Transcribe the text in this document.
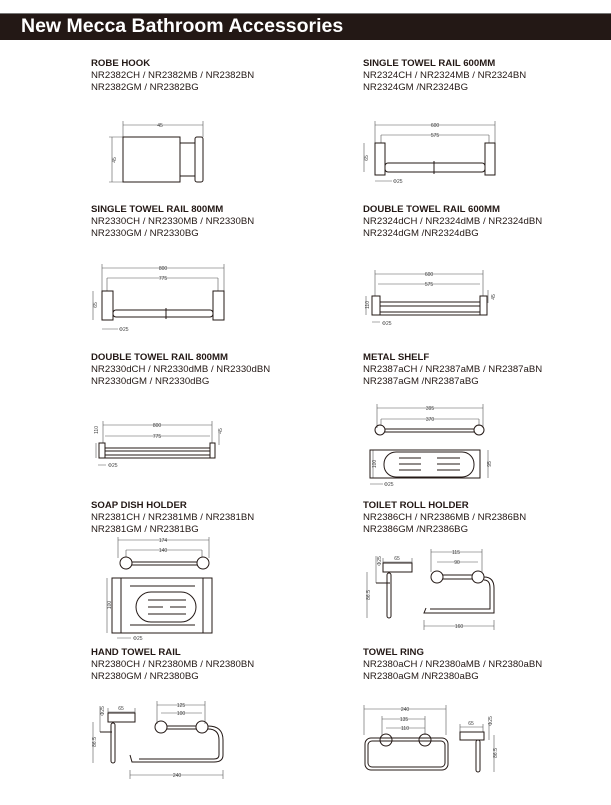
New Mecca Bathroom Accessories
ROBE HOOK
NR2382CH / NR2382MB / NR2382BN
NR2382GM / NR2382BG
SINGLE TOWEL RAIL 600MM
NR2324CH / NR2324MB / NR2324BN
NR2324GM /NR2324BG
SINGLE TOWEL RAIL 800MM
NR2330CH / NR2330MB / NR2330BN
NR2330GM / NR2330BG
DOUBLE TOWEL RAIL 600MM
NR2324dCH / NR2324dMB / NR2324dBN
NR2324dGM /NR2324dBG
DOUBLE TOWEL RAIL 800MM
NR2330dCH / NR2330dMB / NR2330dBN
NR2330dGM / NR2330dBG
METAL SHELF
NR2387aCH / NR2387aMB / NR2387aBN
NR2387aGM /NR2387aBG
SOAP DISH HOLDER
NR2381CH / NR2381MB / NR2381BN
NR2381GM / NR2381BG
TOILET ROLL HOLDER
NR2386CH / NR2386MB / NR2386BN
NR2386GM /NR2386BG
HAND TOWEL RAIL
NR2380CH / NR2380MB / NR2380BN
NR2380GM / NR2380BG
TOWEL RING
NR2380aCH / NR2380aMB / NR2380aBN
NR2380aGM /NR2380aBG
45
45
600
575
65
Φ25
800
775
65
Φ25
600
575
110
45
Φ25
800
775
110	45
Φ25
395
370
100	95
Φ25
174
140
100
Φ25
65
Φ25
86.5
115
90
160
65
Φ25
86.5
125
100
240
240
135
110
65	Φ25
86.5
